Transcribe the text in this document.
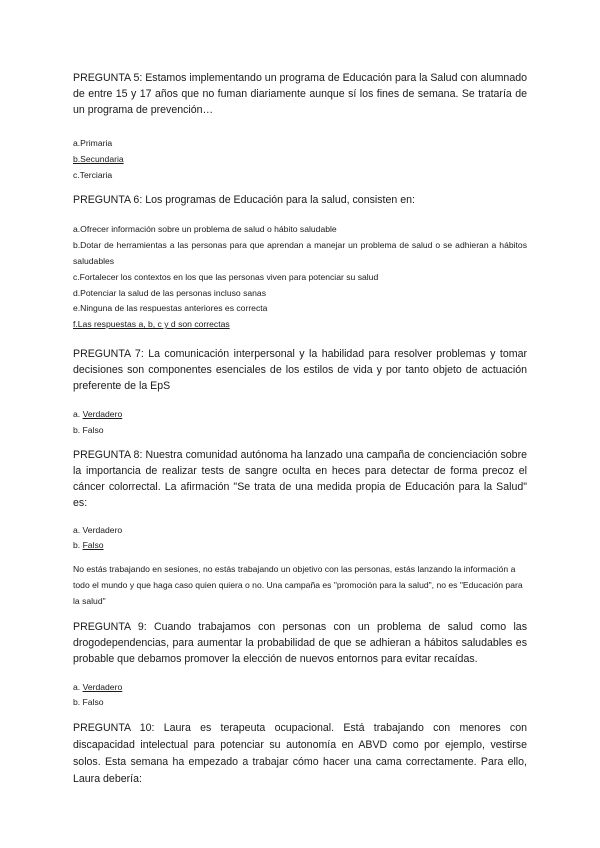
PREGUNTA 5: Estamos implementando un programa de Educación para la Salud con alumnado de entre 15 y 17 años que no fuman diariamente aunque sí los fines de semana. Se trataría de un programa de prevención…

a.Primaria
b.Secundaria
c.Terciaria

PREGUNTA 6: Los programas de Educación para la salud, consisten en:

a.Ofrecer información sobre un problema de salud o hábito saludable
b.Dotar de herramientas a las personas para que aprendan a manejar un problema de salud o se adhieran a hábitos saludables
c.Fortalecer los contextos en los que las personas viven para potenciar su salud
d.Potenciar la salud de las personas incluso sanas
e.Ninguna de las respuestas anteriores es correcta
f.Las respuestas a, b, c y d son correctas

PREGUNTA 7: La comunicación interpersonal y la habilidad para resolver problemas y tomar decisiones son componentes esenciales de los estilos de vida y por tanto objeto de actuación preferente de la EpS

a. Verdadero
b. Falso

PREGUNTA 8: Nuestra comunidad autónoma ha lanzado una campaña de concienciación sobre la importancia de realizar tests de sangre oculta en heces para detectar de forma precoz el cáncer colorrectal. La afirmación "Se trata de una medida propia de Educación para la Salud" es:

a. Verdadero
b. Falso

No estás trabajando en sesiones, no estás trabajando un objetivo con las personas, estás lanzando la información a todo el mundo y que haga caso quien quiera o no. Una campaña es "promoción para la salud", no es "Educación para la salud"

PREGUNTA 9: Cuando trabajamos con personas con un problema de salud como las drogodependencias, para aumentar la probabilidad de que se adhieran a hábitos saludables es probable que debamos promover la elección de nuevos entornos para evitar recaídas.

a. Verdadero
b. Falso

PREGUNTA 10: Laura es terapeuta ocupacional. Está trabajando con menores con discapacidad intelectual para potenciar su autonomía en ABVD como por ejemplo, vestirse solos. Esta semana ha empezado a trabajar cómo hacer una cama correctamente. Para ello, Laura debería:
